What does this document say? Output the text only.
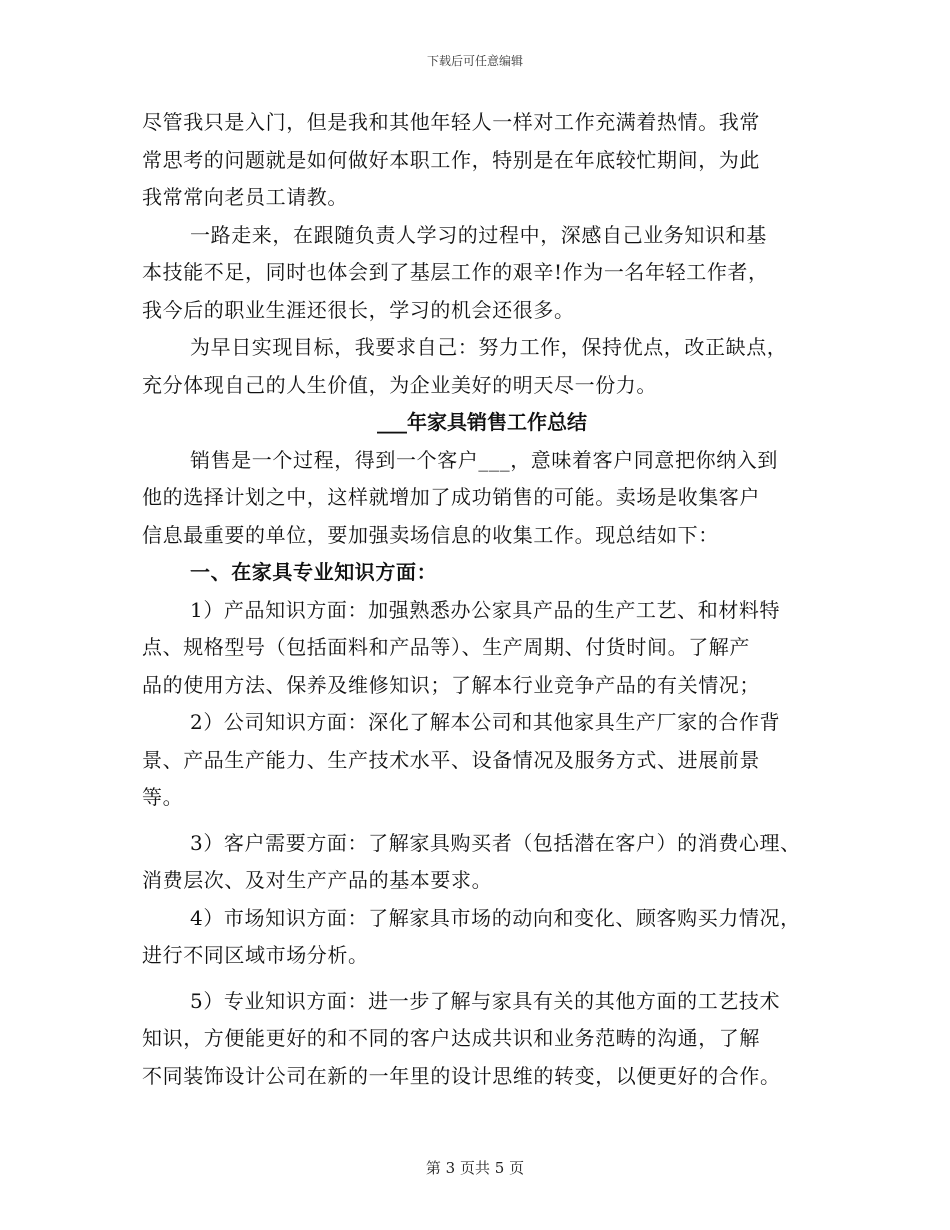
下载后可任意编辑
尽管我只是入门，但是我和其他年轻人一样对工作充满着热情。我常
常思考的问题就是如何做好本职工作，特别是在年底较忙期间，为此
我常常向老员工请教。
一路走来，在跟随负责人学习的过程中，深感自己业务知识和基
本技能不足，同时也体会到了基层工作的艰辛!作为一名年轻工作者，
我今后的职业生涯还很长，学习的机会还很多。
为早日实现目标，我要求自己：努力工作，保持优点，改正缺点，
充分体现自己的人生价值，为企业美好的明天尽一份力。
___年家具销售工作总结
销售是一个过程，得到一个客户___，意味着客户同意把你纳入到
他的选择计划之中，这样就增加了成功销售的可能。卖场是收集客户
信息最重要的单位，要加强卖场信息的收集工作。现总结如下：
一、在家具专业知识方面：
1）产品知识方面：加强熟悉办公家具产品的生产工艺、和材料特
点、规格型号（包括面料和产品等）、生产周期、付货时间。了解产
品的使用方法、保养及维修知识；了解本行业竞争产品的有关情况；
2）公司知识方面：深化了解本公司和其他家具生产厂家的合作背
景、产品生产能力、生产技术水平、设备情况及服务方式、进展前景
等。
3）客户需要方面：了解家具购买者（包括潜在客户）的消费心理、
消费层次、及对生产产品的基本要求。
4）市场知识方面：了解家具市场的动向和变化、顾客购买力情况，
进行不同区域市场分析。
5）专业知识方面：进一步了解与家具有关的其他方面的工艺技术
知识，方便能更好的和不同的客户达成共识和业务范畴的沟通，了解
不同装饰设计公司在新的一年里的设计思维的转变，以便更好的合作。
第 3 页共 5 页
